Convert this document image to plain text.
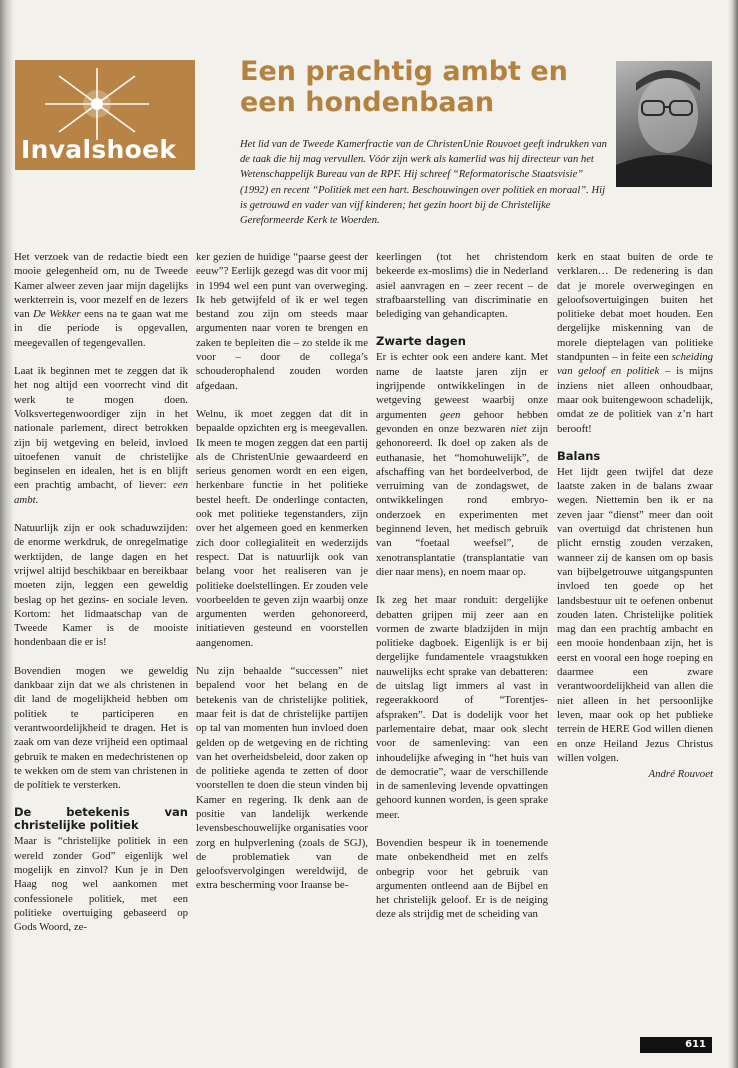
Invalshoek
Een prachtig ambt en een hondenbaan

Het lid van de Tweede Kamerfractie van de ChristenUnie Rouvoet geeft indrukken van de taak die hij mag vervullen. Vóór zijn werk als kamerlid was hij directeur van het Wetenschappelijk Bureau van de RPF. Hij schreef “Reformatorische Staatsvisie” (1992) en recent “Politiek met een hart. Beschouwingen over politiek en moraal”. Hij is getrouwd en vader van vijf kinderen; het gezin hoort bij de Christelijke Gereformeerde Kerk te Woerden.

Het verzoek van de redactie biedt een mooie gelegenheid om, nu de Tweede Kamer alweer zeven jaar mijn dagelijks werkterrein is, voor mezelf en de lezers van De Wekker eens na te gaan wat me in die periode is opgevallen, meegevallen of tegengevallen.

Laat ik beginnen met te zeggen dat ik het nog altijd een voorrecht vind dit werk te mogen doen. Volksvertegenwoordiger zijn in het nationale parlement, direct betrokken zijn bij wetgeving en beleid, invloed uitoefenen vanuit de christelijke beginselen en idealen, het is en blijft een prachtig ambacht, of liever: een ambt.

Natuurlijk zijn er ook schaduwzijden: de enorme werkdruk, de onregelmatige werktijden, de lange dagen en het vrijwel altijd beschikbaar en bereikbaar moeten zijn, leggen een geweldig beslag op het gezins- en sociale leven. Kortom: het lidmaatschap van de Tweede Kamer is de mooiste hondenbaan die er is!

Bovendien mogen we geweldig dankbaar zijn dat we als christenen in dit land de mogelijkheid hebben om politiek te participeren en verantwoordelijkheid te dragen. Het is zaak om van deze vrijheid een optimaal gebruik te maken en medechristenen op te wekken om de stem van christenen in de politiek te versterken.

De betekenis van christelijke politiek

Maar is “christelijke politiek in een wereld zonder God” eigenlijk wel mogelijk en zinvol? Kun je in Den Haag nog wel aankomen met confessionele politiek, met een politieke overtuiging gebaseerd op Gods Woord, ze-

ker gezien de huidige “paarse geest der eeuw”? Eerlijk gezegd was dit voor mij in 1994 wel een punt van overweging. Ik heb getwijfeld of ik er wel tegen bestand zou zijn om steeds maar argumenten naar voren te brengen en zaken te bepleiten die – zo stelde ik me voor – door de collega’s schouderophalend zouden worden afgedaan.

Welnu, ik moet zeggen dat dit in bepaalde opzichten erg is meegevallen. Ik meen te mogen zeggen dat een partij als de ChristenUnie gewaardeerd en serieus genomen wordt en een eigen, herkenbare functie in het politieke bestel heeft. De onderlinge contacten, ook met politieke tegenstanders, zijn over het algemeen goed en kenmerken zich door collegialiteit en wederzijds respect. Dat is natuurlijk ook van belang voor het realiseren van je politieke doelstellingen. Er zouden vele voorbeelden te geven zijn waarbij onze argumenten werden gehonoreerd, initiatieven gesteund en voorstellen aangenomen.

Nu zijn behaalde “successen” niet bepalend voor het belang en de betekenis van de christelijke politiek, maar feit is dat de christelijke partijen op tal van momenten hun invloed doen gelden op de wetgeving en de richting van het overheidsbeleid, door zaken op de politieke agenda te zetten of door voorstellen te doen die steun vinden bij Kamer en regering. Ik denk aan de positie van landelijk werkende levensbeschouwelijke organisaties voor zorg en hulpverlening (zoals de SGJ), de problematiek van de geloofsvervolgingen wereldwijd, de extra bescherming voor Iraanse be-

keerlingen (tot het christendom bekeerde ex-moslims) die in Nederland asiel aanvragen en – zeer recent – de strafbaarstelling van discriminatie en belediging van gehandicapten.

Zwarte dagen

Er is echter ook een andere kant. Met name de laatste jaren zijn er ingrijpende ontwikkelingen in de wetgeving geweest waarbij onze argumenten geen gehoor hebben gevonden en onze bezwaren niet zijn gehonoreerd. Ik doel op zaken als de euthanasie, het “homohuwelijk”, de afschaffing van het bordeelverbod, de verruiming van de zondagswet, de ontwikkelingen rond embryo-onderzoek en experimenten met beginnend leven, het medisch gebruik van “foetaal weefsel”, de xenotransplantatie (transplantatie van dier naar mens), en noem maar op.

Ik zeg het maar ronduit: dergelijke debatten grijpen mij zeer aan en vormen de zwarte bladzijden in mijn politieke dagboek. Eigenlijk is er bij dergelijke fundamentele vraagstukken nauwelijks echt sprake van debatteren: de uitslag ligt immers al vast in regeerakkoord of “Torentjes-afspraken”. Dat is dodelijk voor het parlementaire debat, maar ook slecht voor de samenleving: van een inhoudelijke afweging in “het huis van de democratie”, waar de verschillende in de samenleving levende opvattingen gehoord kunnen worden, is geen sprake meer.

Bovendien bespeur ik in toenemende mate onbekendheid met en zelfs onbegrip voor het gebruik van argumenten ontleend aan de Bijbel en het christelijk geloof. Er is de neiging deze als strijdig met de scheiding van

kerk en staat buiten de orde te verklaren… De redenering is dan dat je morele overwegingen en geloofsovertuigingen buiten het politieke debat moet houden. Een dergelijke miskenning van de morele dieptelagen van politieke standpunten – in feite een scheiding van geloof en politiek – is mijns inziens niet alleen onhoudbaar, maar ook buitengewoon schadelijk, omdat ze de politiek van z’n hart berooft!

Balans

Het lijdt geen twijfel dat deze laatste zaken in de balans zwaar wegen. Niettemin ben ik er na zeven jaar “dienst” meer dan ooit van overtuigd dat christenen hun plicht ernstig zouden verzaken, wanneer zij de kansen om op basis van bijbelgetrouwe uitgangspunten invloed ten goede op het landsbestuur uit te oefenen onbenut zouden laten. Christelijke politiek mag dan een prachtig ambacht en een mooie hondenbaan zijn, het is eerst en vooral een hoge roeping en daarmee een zware verantwoordelijkheid van allen die niet alleen in het persoonlijke leven, maar ook op het publieke terrein de HERE God willen dienen en onze Heiland Jezus Christus willen volgen.

André Rouvoet
611
